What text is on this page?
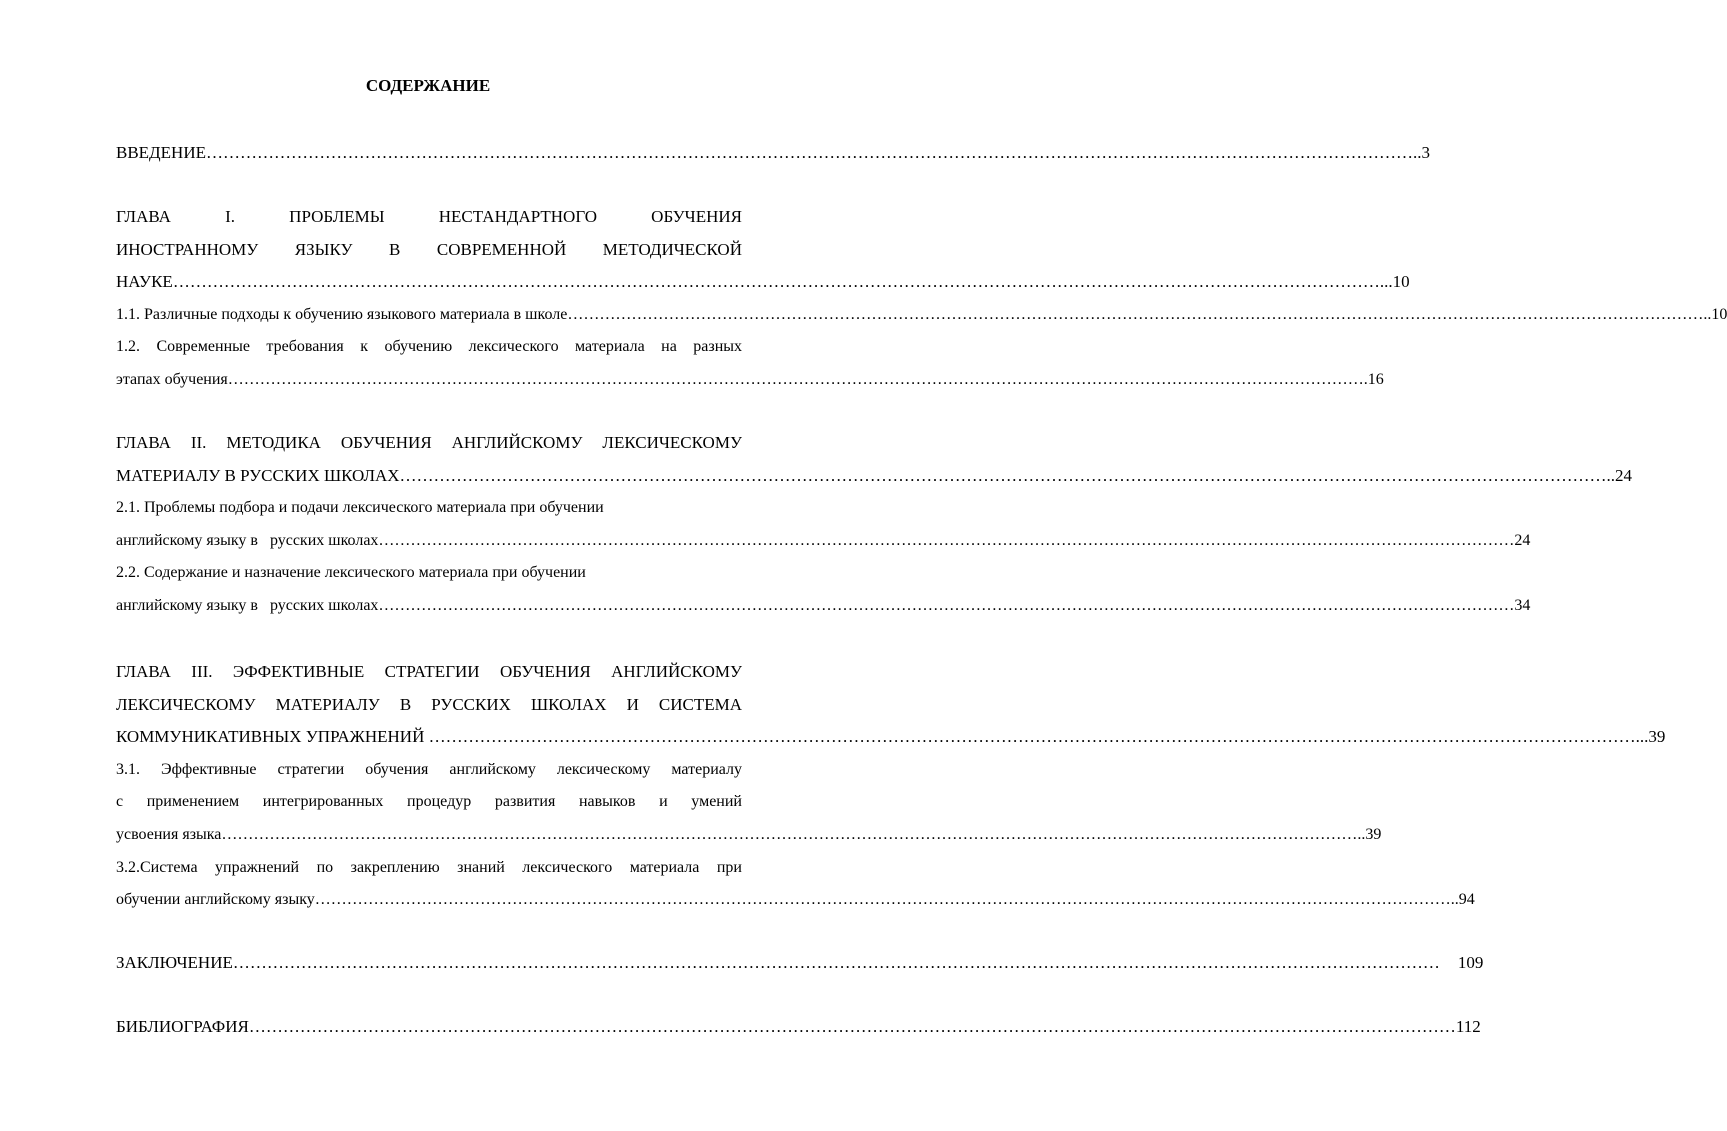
СОДЕРЖАНИЕ
ВВЕДЕНИЕ …………………………………………………………………………………………………………………………………………………………………………………………… ..3
ГЛАВА I. ПРОБЛЕМЫ НЕСТАНДАРТНОГО ОБУЧЕНИЯ
ИНОСТРАННОМУ ЯЗЫКУ В СОВРЕМЕННОЙ МЕТОДИЧЕСКОЙ
НАУКЕ …………………………………………………………………………………………………………………………………………………………………………………………… ...10
1.1. Различные подходы к обучению языкового материала в школе …………………………………………………………………………………………………………………………………………………………………………………………… ..10
1.2. Современные требования к обучению лексического материала на разных
этапах обучения …………………………………………………………………………………………………………………………………………………………………………………………… .16
ГЛАВА II. МЕТОДИКА ОБУЧЕНИЯ АНГЛИЙСКОМУ ЛЕКСИЧЕСКОМУ
МАТЕРИАЛУ В РУССКИХ ШКОЛАХ …………………………………………………………………………………………………………………………………………………………………………………………… ..24
2.1. Проблемы подбора и подачи лексического материала при обучении
английскому языку в   русских школах …………………………………………………………………………………………………………………………………………………………………………………………… 24
2.2. Содержание и назначение лексического материала при обучении
английскому языку в   русских школах …………………………………………………………………………………………………………………………………………………………………………………………… 34
ГЛАВА III. ЭФФЕКТИВНЫЕ СТРАТЕГИИ ОБУЧЕНИЯ АНГЛИЙСКОМУ
ЛЕКСИЧЕСКОМУ МАТЕРИАЛУ В РУССКИХ ШКОЛАХ И СИСТЕМА
КОММУНИКАТИВНЫХ УПРАЖНЕНИЙ …………………………………………………………………………………………………………………………………………………………………………………………… ...39
3.1. Эффективные стратегии обучения английскому лексическому материалу
с применением интегрированных процедур развития навыков и умений
усвоения языка …………………………………………………………………………………………………………………………………………………………………………………………… ..39
3.2.Система упражнений по закреплению знаний лексического материала при
обучении английскому языку …………………………………………………………………………………………………………………………………………………………………………………………… ..94
ЗАКЛЮЧЕНИЕ …………………………………………………………………………………………………………………………………………………………………………………………… 109
БИБЛИОГРАФИЯ …………………………………………………………………………………………………………………………………………………………………………………………… 112
